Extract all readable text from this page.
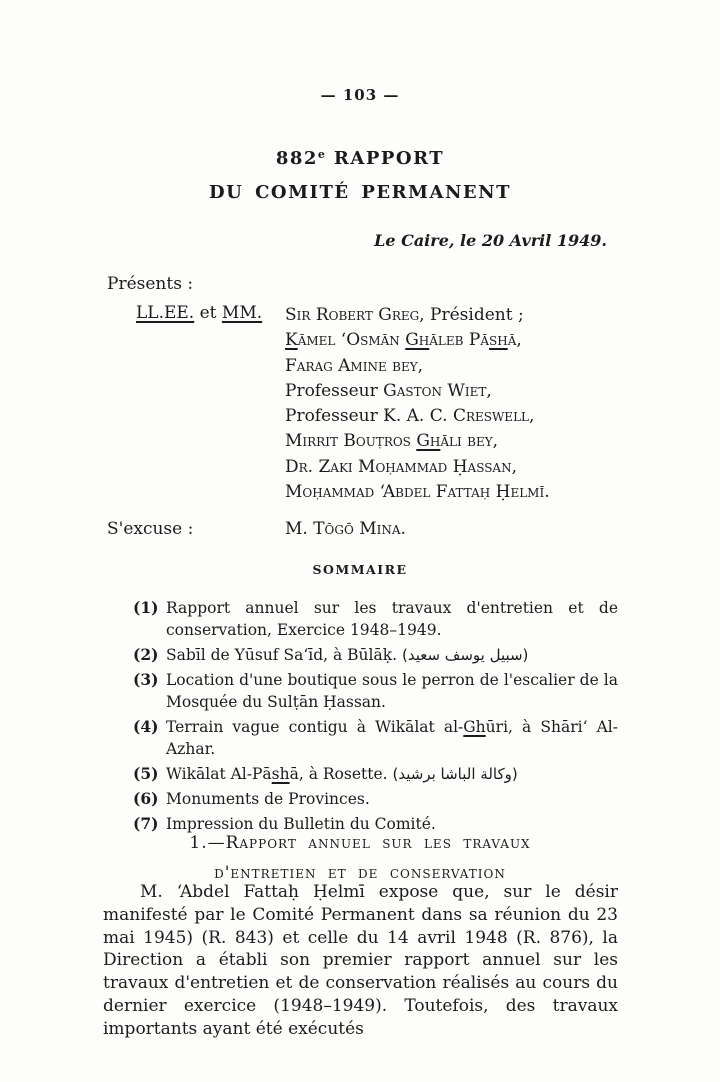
— 103 —
882e RAPPORT
DU COMITÉ PERMANENT
Le Caire, le 20 Avril 1949.
Présents :
LL.EE. et MM. Sir Robert Greg, Président ;
Kāmel ʻOsmān Ghāleb Pāshā,
Farag Amine bey,
Professeur Gaston Wiet,
Professeur K. A. C. Creswell,
Mirrit Bouṭros Ghāli bey,
Dr. Zaki Moḥammad Ḥassan,
Moḥammad ʻAbdel Fattaḥ Ḥelmī.
S'excuse :	M. Tōgō Mina.
SOMMAIRE
(1) Rapport annuel sur les travaux d'entretien et de conservation, Exercice 1948–1949.
(2) Sabīl de Yūsuf Saʻīd, à Būlāḳ. (سبيل يوسف سعيد)
(3) Location d'une boutique sous le perron de l'escalier de la Mosquée du Sulṭān Ḥassan.
(4) Terrain vague contigu à Wikālat al-Ghūri, à Shāriʻ Al-Azhar.
(5) Wikālat Al-Pāshā, à Rosette. (وكالة الباشا برشيد)
(6) Monuments de Provinces.
(7) Impression du Bulletin du Comité.
1.—Rapport annuel sur les travaux
d'entretien et de conservation
M. ʻAbdel Fattaḥ Ḥelmī expose que, sur le désir manifesté par le Comité Permanent dans sa réunion du 23 mai 1945) (R. 843) et celle du 14 avril 1948 (R. 876), la Direction a établi son premier rapport annuel sur les travaux d'entretien et de conservation réalisés au cours du dernier exercice (1948–1949). Toutefois, des travaux importants ayant été exécutés
